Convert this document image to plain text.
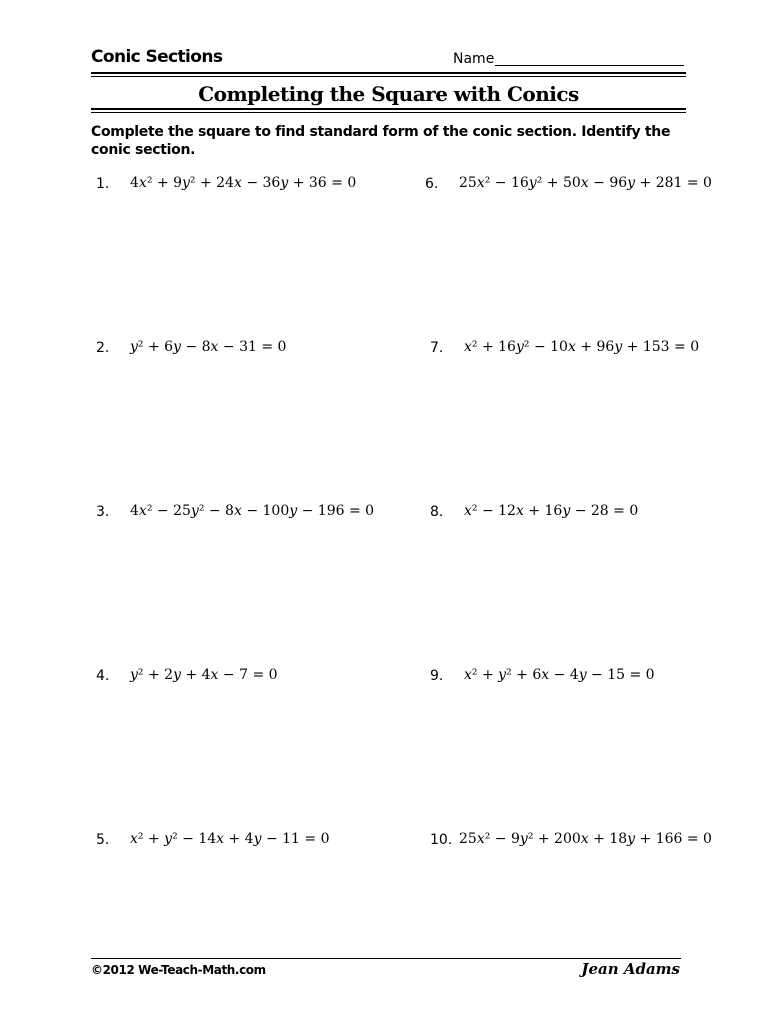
Conic Sections	Name
Completing the Square with Conics
Complete the square to find standard form of the conic section. Identify the conic section.
1. 4x² + 9y² + 24x − 36y + 36 = 0
2. y² + 6y − 8x − 31 = 0
3. 4x² − 25y² − 8x − 100y − 196 = 0
4. y² + 2y + 4x − 7 = 0
5. x² + y² − 14x + 4y − 11 = 0
6. 25x² − 16y² + 50x − 96y + 281 = 0
7. x² + 16y² − 10x + 96y + 153 = 0
8. x² − 12x + 16y − 28 = 0
9. x² + y² + 6x − 4y − 15 = 0
10. 25x² − 9y² + 200x + 18y + 166 = 0
©2012 We-Teach-Math.com	Jean Adams
